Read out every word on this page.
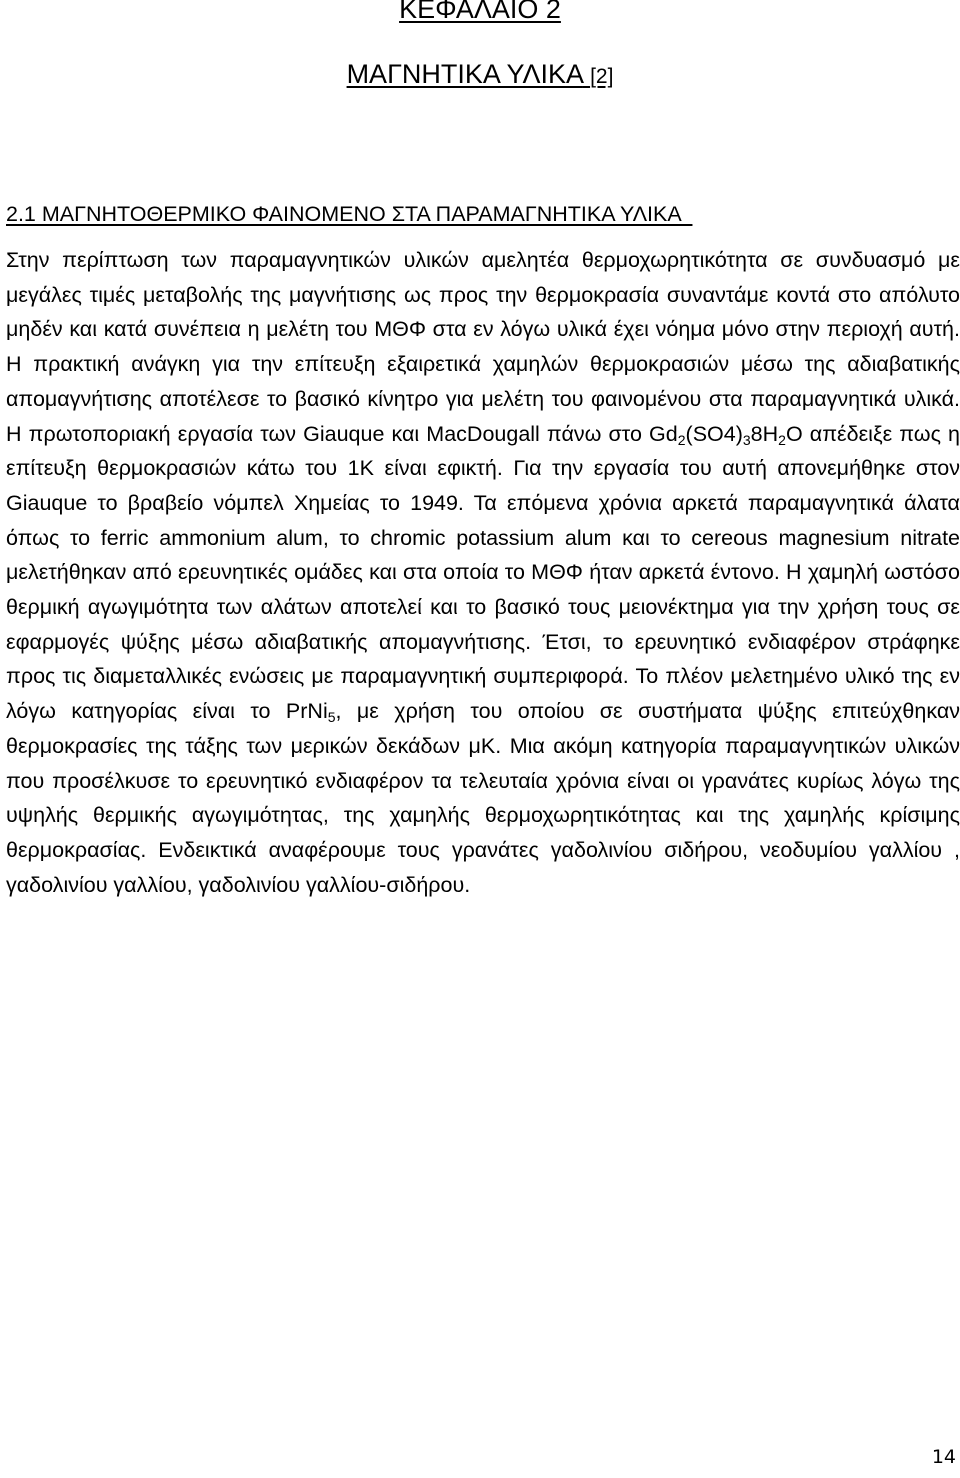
ΚΕΦΑΛΑΙΟ 2
ΜΑΓΝΗΤΙΚΑ ΥΛΙΚΑ [2]
2.1 ΜΑΓΝΗΤΟΘΕΡΜΙΚΟ ΦΑΙΝΟΜΕΝΟ ΣΤΑ ΠΑΡΑΜΑΓΝΗΤΙΚΑ ΥΛΙΚΑ

Στην περίπτωση των παραμαγνητικών υλικών αμελητέα θερμοχωρητικότητα σε συνδυασμό με μεγάλες τιμές μεταβολής της μαγνήτισης ως προς την θερμοκρασία συναντάμε κοντά στο απόλυτο μηδέν και κατά συνέπεια η μελέτη του ΜΘΦ στα εν λόγω υλικά έχει νόημα μόνο στην περιοχή αυτή. Η πρακτική ανάγκη για την επίτευξη εξαιρετικά χαμηλών θερμοκρασιών μέσω της αδιαβατικής απομαγνήτισης αποτέλεσε το βασικό κίνητρο για μελέτη του φαινομένου στα παραμαγνητικά υλικά. Η πρωτοποριακή εργασία των Giauque και MacDougall πάνω στο $Gd_2(SO4)_38H_2O$ απέδειξε πως η επίτευξη θερμοκρασιών κάτω του 1K είναι εφικτή. Για την εργασία του αυτή απονεμήθηκε στον Giauque το βραβείο νόμπελ Χημείας το 1949. Τα επόμενα χρόνια αρκετά παραμαγνητικά άλατα όπως το ferric ammonium alum, το chromic potassium alum και το cereous magnesium nitrate μελετήθηκαν από ερευνητικές ομάδες και στα οποία το ΜΘΦ ήταν αρκετά έντονο. Η χαμηλή ωστόσο θερμική αγωγιμότητα των αλάτων αποτελεί και το βασικό τους μειονέκτημα για την χρήση τους σε εφαρμογές ψύξης μέσω αδιαβατικής απομαγνήτισης. Έτσι, το ερευνητικό ενδιαφέρον στράφηκε προς τις διαμεταλλικές ενώσεις με παραμαγνητική συμπεριφορά. Το πλέον μελετημένο υλικό της εν λόγω κατηγορίας είναι το PrNi$_5$, με χρήση του οποίου σε συστήματα ψύξης επιτεύχθηκαν θερμοκρασίες της τάξης των μερικών δεκάδων μK. Μια ακόμη κατηγορία παραμαγνητικών υλικών που προσέλκυσε το ερευνητικό ενδιαφέρον τα τελευταία χρόνια είναι οι γρανάτες κυρίως λόγω της υψηλής θερμικής αγωγιμότητας, της χαμηλής θερμοχωρητικότητας και της χαμηλής κρίσιμης θερμοκρασίας. Ενδεικτικά αναφέρουμε τους γρανάτες γαδολινίου σιδήρου, νεοδυμίου γαλλίου , γαδολινίου γαλλίου, γαδολινίου γαλλίου-σιδήρου.

14
